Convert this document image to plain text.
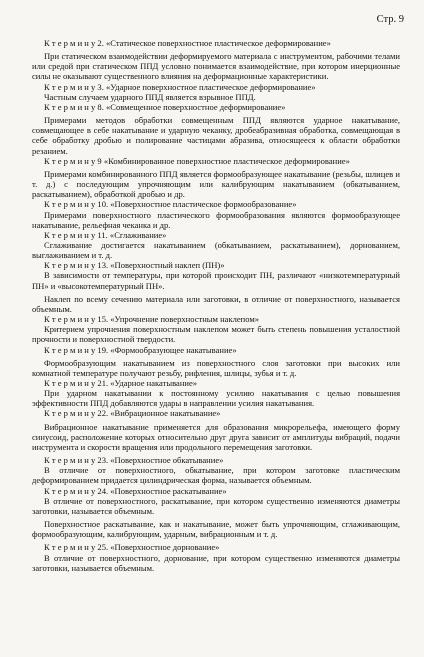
Стр. 9

К т е р м и н у 2. «Статическое поверхностное пластическое деформирование»

При статическом взаимодействии деформируемого материала с инструментом, рабочими телами или средой при статическом ППД условно понимается взаимодействие, при котором инерционные силы не оказывают существенного влияния на деформационные характеристики.

К т е р м и н у 3. «Ударное поверхностное пластическое деформирование»

Частным случаем ударного ППД является взрывное ППД.

К т е р м и н у 8. «Совмещенное поверхностное деформирование»

Примерами методов обработки совмещенным ППД являются ударное накатывание, совмещающее в себе накатывание и ударную чеканку, дробеабразивная обработка, совмещающая в себе обработку дробью и полирование частицами абразива, относящееся к области обработки резанием.

К т е р м и н у 9 «Комбинированное поверхностное пластическое деформирование»

Примерами комбинированного ППД является формообразующее накатывание (резьбы, шлицев и т. д.) с последующим упрочняющим или калибрующим накатыванием (обкатыванием, раскатыванием), обработкой дробью и др.

К т е р м и н у 10. «Поверхностное пластическое формообразование»

Примерами поверхностного пластического формообразования являются формообразующее накатывание, рельефная чеканка и др.

К т е р м и н у 11. «Сглаживание»

Сглаживание достигается накатыванием (обкатыванием, раскатыванием), дорнованием, выглаживанием и т. д.

К т е р м и н у 13. «Поверхностный наклеп (ПН)»

В зависимости от температуры, при которой происходит ПН, различают «низкотемпературный ПН» и «высокотемпературный ПН».

Наклеп по всему сечению материала или заготовки, в отличие от поверхностного, называется объемным.

К т е р м и н у 15. «Упрочнение поверхностным наклепом»

Критерием упрочнения поверхностным наклепом может быть степень повышения усталостной прочности и поверхностной твердости.

К т е р м и н у 19. «Формообразующее накатывание»

Формообразующим накатыванием из поверхностного слоя заготовки при высоких или комнатной температуре получают резьбу, рифления, шлицы, зубья и т. д.

К т е р м и н у 21. «Ударное накатывание»

При ударном накатывании к постоянному усилию накатывания с целью повышения эффективности ППД добавляются удары в направлении усилия накатывания.

К т е р м и н у 22. «Вибрационное накатывание»

Вибрационное накатывание применяется для образования микрорельефа, имеющего форму синусоид, расположение которых относительно друг друга зависит от амплитуды вибраций, подачи инструмента и скорости вращения или продольного перемещения заготовки.

К т е р м и н у 23. «Поверхностное обкатывание»

В отличие от поверхностного, обкатывание, при котором заготовке пластическим деформированием придается цилиндрическая форма, называется объемным.

К т е р м и н у 24. «Поверхностное раскатывание»

В отличие от поверхностного, раскатывание, при котором существенно изменяются диаметры заготовки, называется объемным.

Поверхностное раскатывание, как и накатывание, может быть упрочняющим, сглаживающим, формообразующим, калибрующим, ударным, вибрационным и т. д.

К т е р м и н у 25. «Поверхностное дорнование»

В отличие от поверхностного, дорнование, при котором существенно изменяются диаметры заготовки, называется объемным.
